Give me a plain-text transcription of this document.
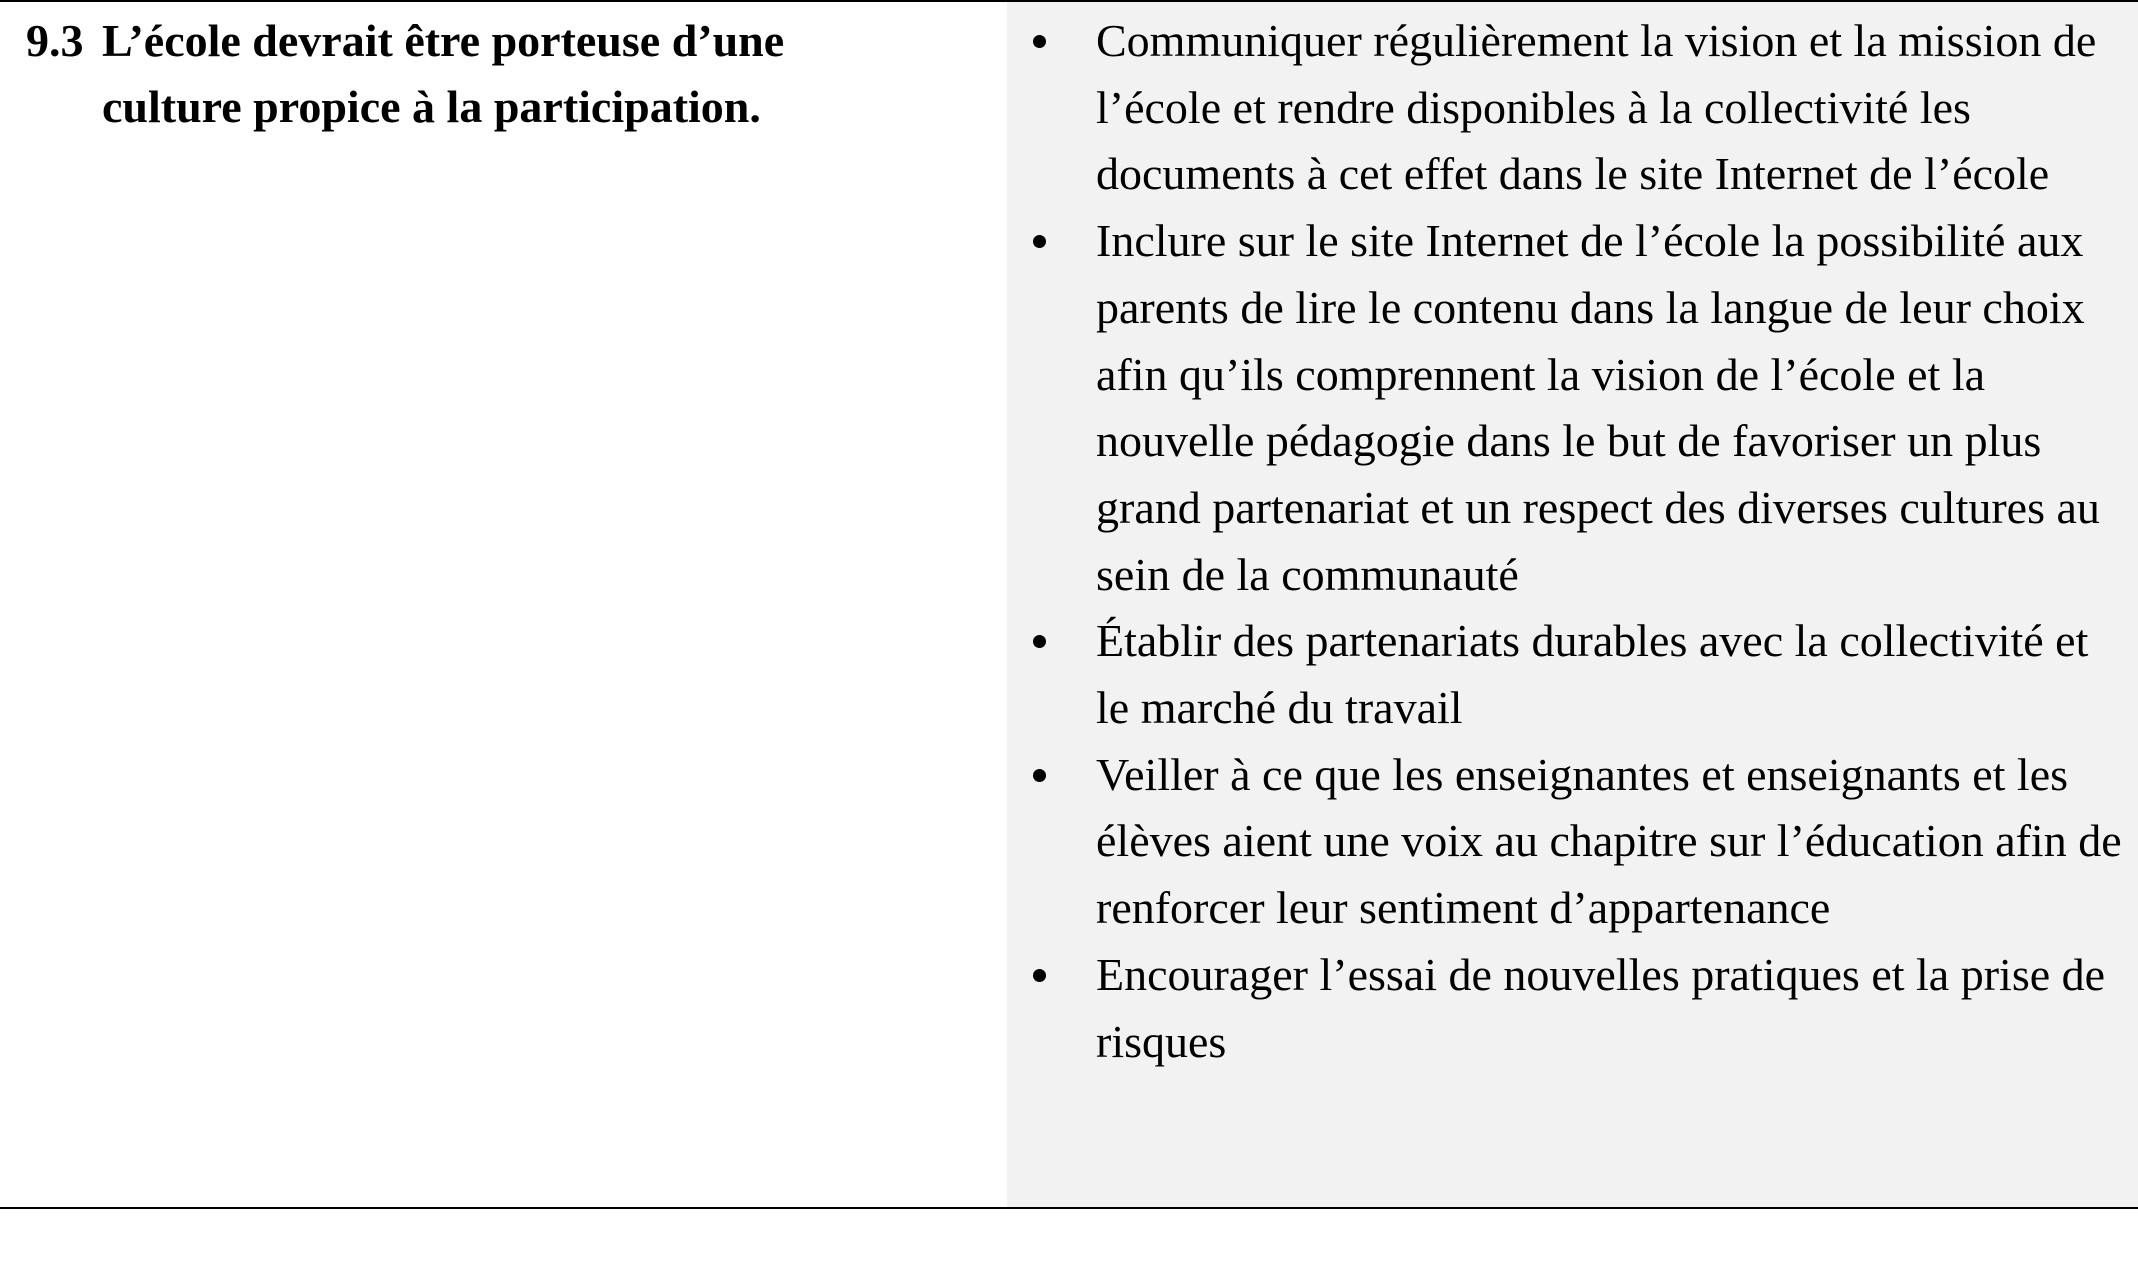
9.3 L’école devrait être porteuse d’une culture propice à la participation.

Communiquer régulièrement la vision et la mission de l’école et rendre disponibles à la collectivité les documents à cet effet dans le site Internet de l’école
Inclure sur le site Internet de l’école la possibilité aux parents de lire le contenu dans la langue de leur choix afin qu’ils comprennent la vision de l’école et la nouvelle pédagogie dans le but de favoriser un plus grand partenariat et un respect des diverses cultures au sein de la communauté
Établir des partenariats durables avec la collectivité et le marché du travail
Veiller à ce que les enseignantes et enseignants et les élèves aient une voix au chapitre sur l’éducation afin de renforcer leur sentiment d’appartenance
Encourager l’essai de nouvelles pratiques et la prise de risques
